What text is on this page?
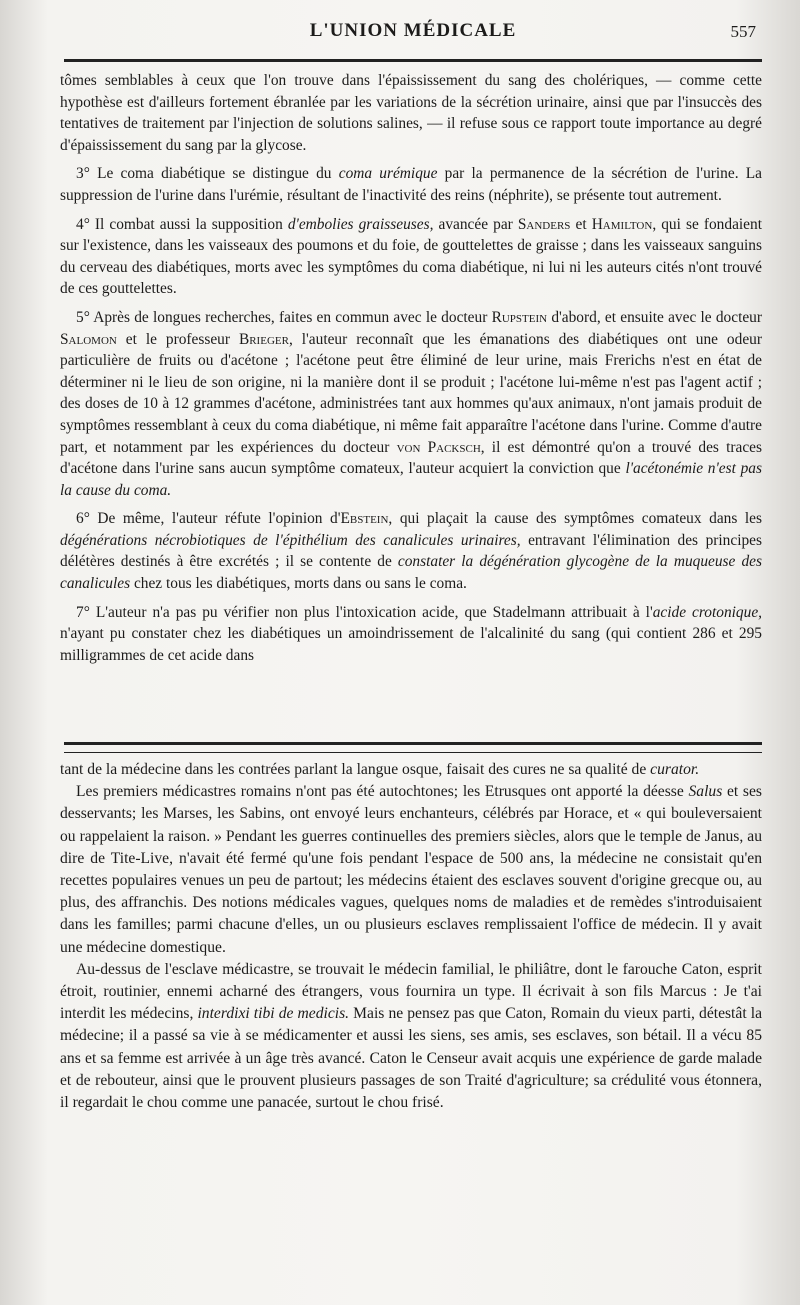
L'UNION MÉDICALE	557

tômes semblables à ceux que l'on trouve dans l'épaississement du sang des cholériques, — comme cette hypothèse est d'ailleurs fortement ébranlée par les variations de la sécrétion urinaire, ainsi que par l'insuccès des tentatives de traitement par l'injection de solutions salines, — il refuse sous ce rapport toute importance au degré d'épaississement du sang par la glycose.

3° Le coma diabétique se distingue du coma urémique par la permanence de la sécrétion de l'urine. La suppression de l'urine dans l'urémie, résultant de l'inactivité des reins (néphrite), se présente tout autrement.

4° Il combat aussi la supposition d'embolies graisseuses, avancée par Sanders et Hamilton, qui se fondaient sur l'existence, dans les vaisseaux des poumons et du foie, de gouttelettes de graisse ; dans les vaisseaux sanguins du cerveau des diabétiques, morts avec les symptômes du coma diabétique, ni lui ni les auteurs cités n'ont trouvé de ces gouttelettes.

5° Après de longues recherches, faites en commun avec le docteur Rupstein d'abord, et ensuite avec le docteur Salomon et le professeur Brieger, l'auteur reconnaît que les émanations des diabétiques ont une odeur particulière de fruits ou d'acétone ; l'acétone peut être éliminé de leur urine, mais Frerichs n'est en état de déterminer ni le lieu de son origine, ni la manière dont il se produit ; l'acétone lui-même n'est pas l'agent actif ; des doses de 10 à 12 grammes d'acétone, administrées tant aux hommes qu'aux animaux, n'ont jamais produit de symptômes ressemblant à ceux du coma diabétique, ni même fait apparaître l'acétone dans l'urine. Comme d'autre part, et notamment par les expériences du docteur von Packsch, il est démontré qu'on a trouvé des traces d'acétone dans l'urine sans aucun symptôme comateux, l'auteur acquiert la conviction que l'acétonémie n'est pas la cause du coma.

6° De même, l'auteur réfute l'opinion d'Ebstein, qui plaçait la cause des symptômes comateux dans les dégénérations nécrobiotiques de l'épithélium des canalicules urinaires, entravant l'élimination des principes délétères destinés à être excrétés ; il se contente de constater la dégénération glycogène de la muqueuse des canalicules chez tous les diabétiques, morts dans ou sans le coma.

7° L'auteur n'a pas pu vérifier non plus l'intoxication acide, que Stadelmann attribuait à l'acide crotonique, n'ayant pu constater chez les diabétiques un amoindrissement de l'alcalinité du sang (qui contient 286 et 295 milligrammes de cet acide dans

tant de la médecine dans les contrées parlant la langue osque, faisait des cures ne sa qualité de curator.

Les premiers médicastres romains n'ont pas été autochtones; les Etrusques ont apporté la déesse Salus et ses desservants; les Marses, les Sabins, ont envoyé leurs enchanteurs, célébrés par Horace, et « qui bouleversaient ou rappelaient la raison. » Pendant les guerres continuelles des premiers siècles, alors que le temple de Janus, au dire de Tite-Live, n'avait été fermé qu'une fois pendant l'espace de 500 ans, la médecine ne consistait qu'en recettes populaires venues un peu de partout; les médecins étaient des esclaves souvent d'origine grecque ou, au plus, des affranchis. Des notions médicales vagues, quelques noms de maladies et de remèdes s'introduisaient dans les familles; parmi chacune d'elles, un ou plusieurs esclaves remplissaient l'office de médecin. Il y avait une médecine domestique.

Au-dessus de l'esclave médicastre, se trouvait le médecin familial, le philiâtre, dont le farouche Caton, esprit étroit, routinier, ennemi acharné des étrangers, vous fournira un type. Il écrivait à son fils Marcus : Je t'ai interdit les médecins, interdixi tibi de medicis. Mais ne pensez pas que Caton, Romain du vieux parti, détestât la médecine; il a passé sa vie à se médicamenter et aussi les siens, ses amis, ses esclaves, son bétail. Il a vécu 85 ans et sa femme est arrivée à un âge très avancé. Caton le Censeur avait acquis une expérience de garde malade et de rebouteur, ainsi que le prouvent plusieurs passages de son Traité d'agriculture; sa crédulité vous étonnera, il regardait le chou comme une panacée, surtout le chou frisé.
